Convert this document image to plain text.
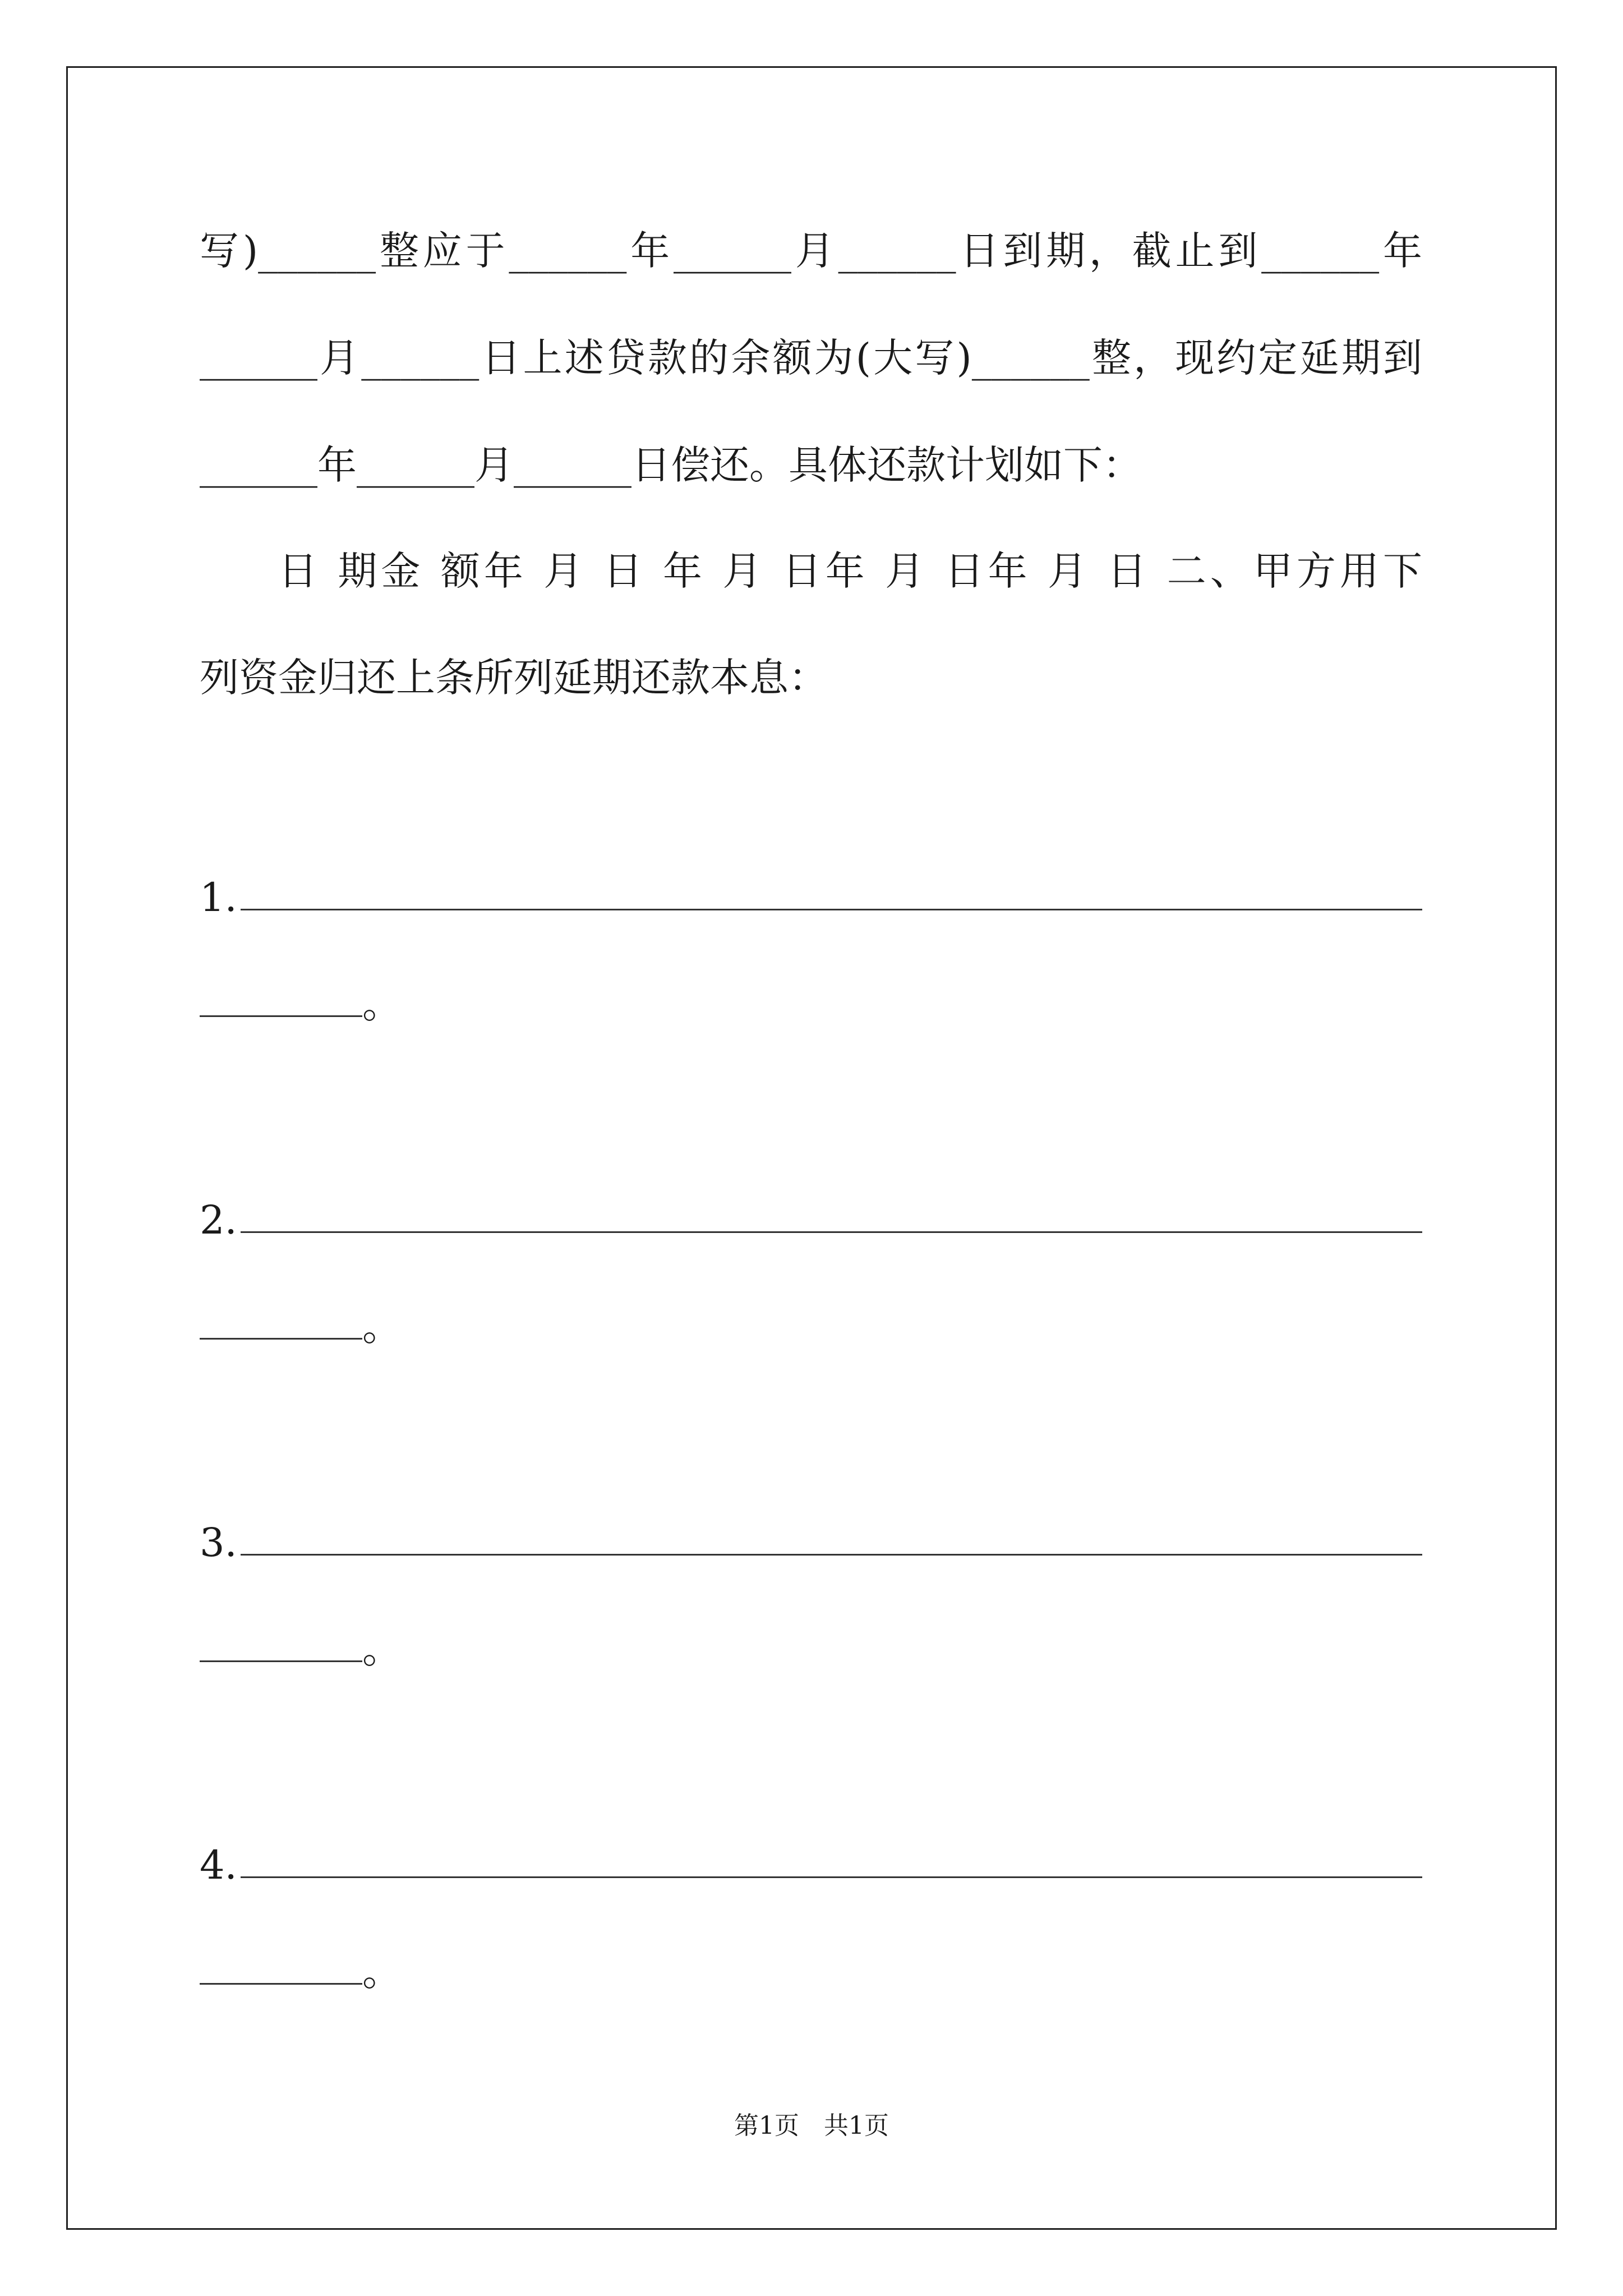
写)______整应于______年______月______日到期，截止到______年
______月______日上述贷款的余额为(大写)______整，现约定延期到
______年______月______日偿还。具体还款计划如下：
日 期金 额年 月 日 年 月 日年 月 日年 月 日 二、甲方用下
列资金归还上条所列延期还款本息：
1.
。
2.
。
3.
。
4.
。
第1页　共1页
